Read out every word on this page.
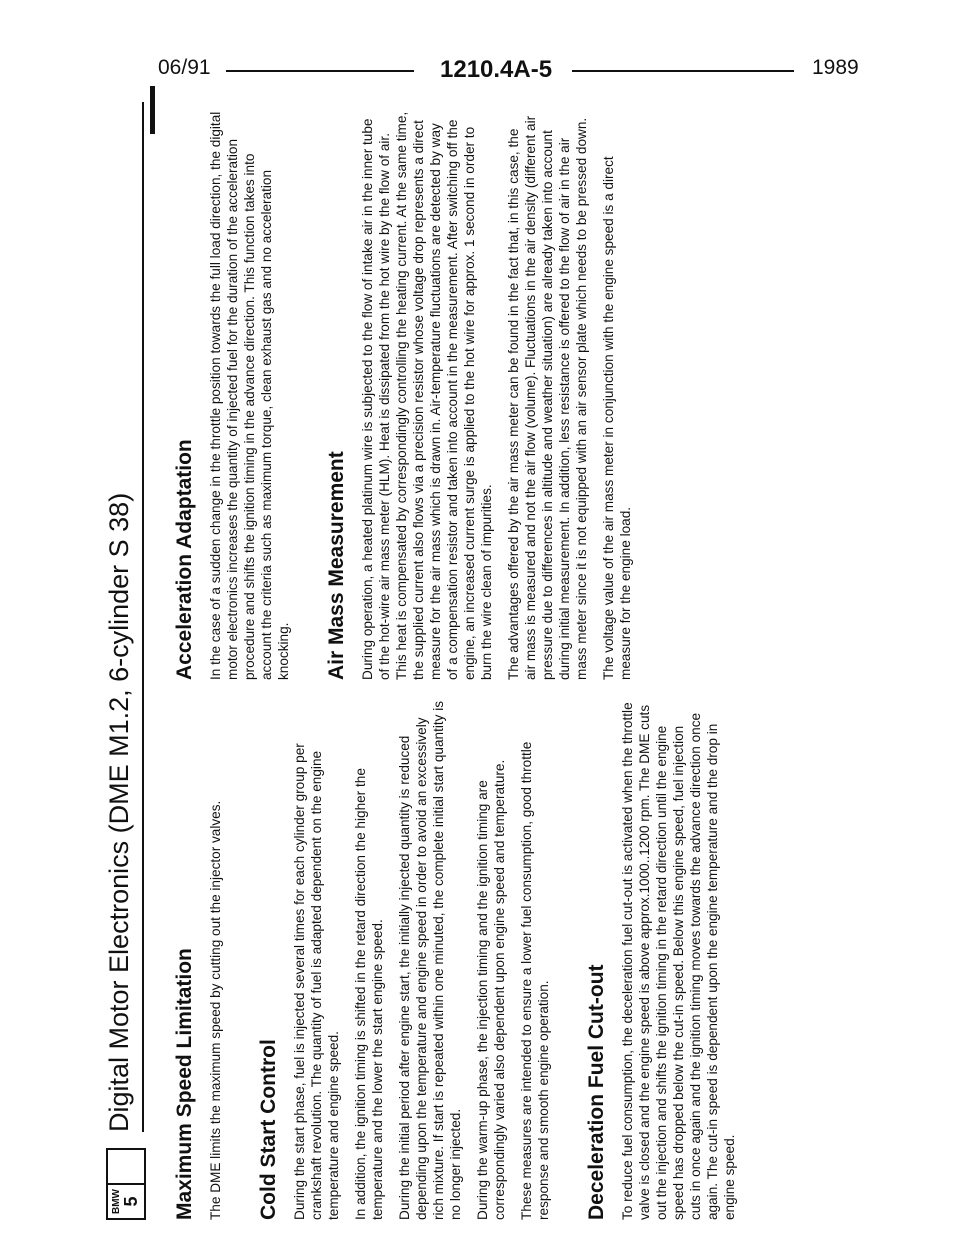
06/91	1210.4A-5	1989
BMW 5
Digital Motor Electronics (DME M1.2, 6-cylinder S 38) Maximum Speed Limitation The DME limits the maximum speed by cutting out the injector valves. Cold Start Control During the start phase, fuel is injected several times for each cylinder group per crankshaft revolution. The quantity of fuel is adapted dependent on the engine temperature and engine speed. In addition, the ignition timing is shifted in the retard direction the higher the temperature and the lower the start engine speed. During the initial period after engine start, the initially injected quantity is reduced depending upon the temperature and engine speed in order to avoid an excessively rich mixture. If start is repeated within one minuted, the complete initial start quantity is no longer injected. During the warm-up phase, the injection timing and the ignition timing are correspondingly varied also dependent upon engine speed and temperature. These measures are intended to ensure a lower fuel consumption, good throttle response and smooth engine operation. Deceleration Fuel Cut-out To reduce fuel consumption, the deceleration fuel cut-out is activated when the throttle valve is closed and the engine speed is above approx.1000..1200 rpm. The DME cuts out the injection and shifts the ignition timing in the retard direction until the engine speed has dropped below the cut-in speed. Below this engine speed, fuel injection cuts in once again and the ignition timing moves towards the advance direction once again. The cut-in speed is dependent upon the engine temperature and the drop in engine speed.

Acceleration Adaptation In the case of a sudden change in the throttle position towards the full load direction, the digital motor electronics increases the quantity of injected fuel for the duration of the acceleration procedure and shifts the ignition timing in the advance direction. This function takes into account the criteria such as maximum torque, clean exhaust gas and no acceleration knocking. Air Mass Measurement During operation, a heated platinum wire is subjected to the flow of intake air in the inner tube of the hot-wire air mass meter (HLM). Heat is dissipated from the hot wire by the flow of air. This heat is compensated by correspondingly controlling the heating current. At the same time, the supplied current also flows via a precision resistor whose voltage drop represents a direct measure for the air mass which is drawn in. Air-temperature fluctuations are detected by way of a compensation resistor and taken into account in the measurement. After switching off the engine, an increased current surge is applied to the hot wire for approx. 1 second in order to burn the wire clean of impurities. The advantages offered by the air mass meter can be found in the fact that, in this case, the air mass is measured and not the air flow (volume). Fluctuations in the air density (different air pressure due to differences in altitude and weather situation) are already taken into account during initial measurement. In addition, less resistance is offered to the flow of air in the air mass meter since it is not equipped with an air sensor plate which needs to be pressed down. The voltage value of the air mass meter in conjunction with the engine speed is a direct measure for the engine load.
